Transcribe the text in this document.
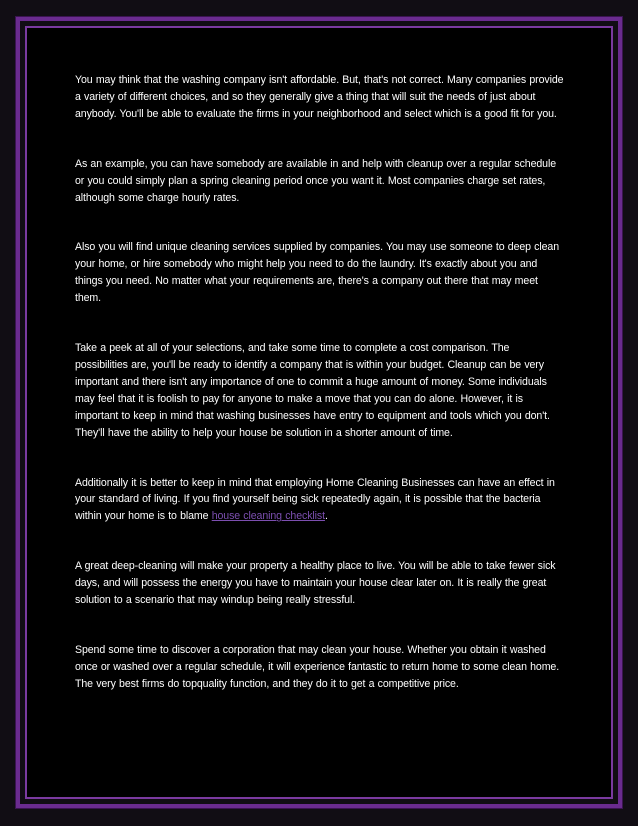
You may think that the washing company isn't affordable. But, that's not correct. Many companies provide a variety of different choices, and so they generally give a thing that will suit the needs of just about anybody. You'll be able to evaluate the firms in your neighborhood and select which is a good fit for you.

As an example, you can have somebody are available in and help with cleanup over a regular schedule or you could simply plan a spring cleaning period once you want it. Most companies charge set rates, although some charge hourly rates.

Also you will find unique cleaning services supplied by companies. You may use someone to deep clean your home, or hire somebody who might help you need to do the laundry. It's exactly about you and things you need. No matter what your requirements are, there's a company out there that may meet them.

Take a peek at all of your selections, and take some time to complete a cost comparison. The possibilities are, you'll be ready to identify a company that is within your budget. Cleanup can be very important and there isn't any importance of one to commit a huge amount of money. Some individuals may feel that it is foolish to pay for anyone to make a move that you can do alone. However, it is important to keep in mind that washing businesses have entry to equipment and tools which you don't. They'll have the ability to help your house be solution in a shorter amount of time.

Additionally it is better to keep in mind that employing Home Cleaning Businesses can have an effect in your standard of living. If you find yourself being sick repeatedly again, it is possible that the bacteria within your home is to blame house cleaning checklist.

A great deep-cleaning will make your property a healthy place to live. You will be able to take fewer sick days, and will possess the energy you have to maintain your house clear later on. It is really the great solution to a scenario that may windup being really stressful.

Spend some time to discover a corporation that may clean your house. Whether you obtain it washed once or washed over a regular schedule, it will experience fantastic to return home to some clean home. The very best firms do topquality function, and they do it to get a competitive price.
